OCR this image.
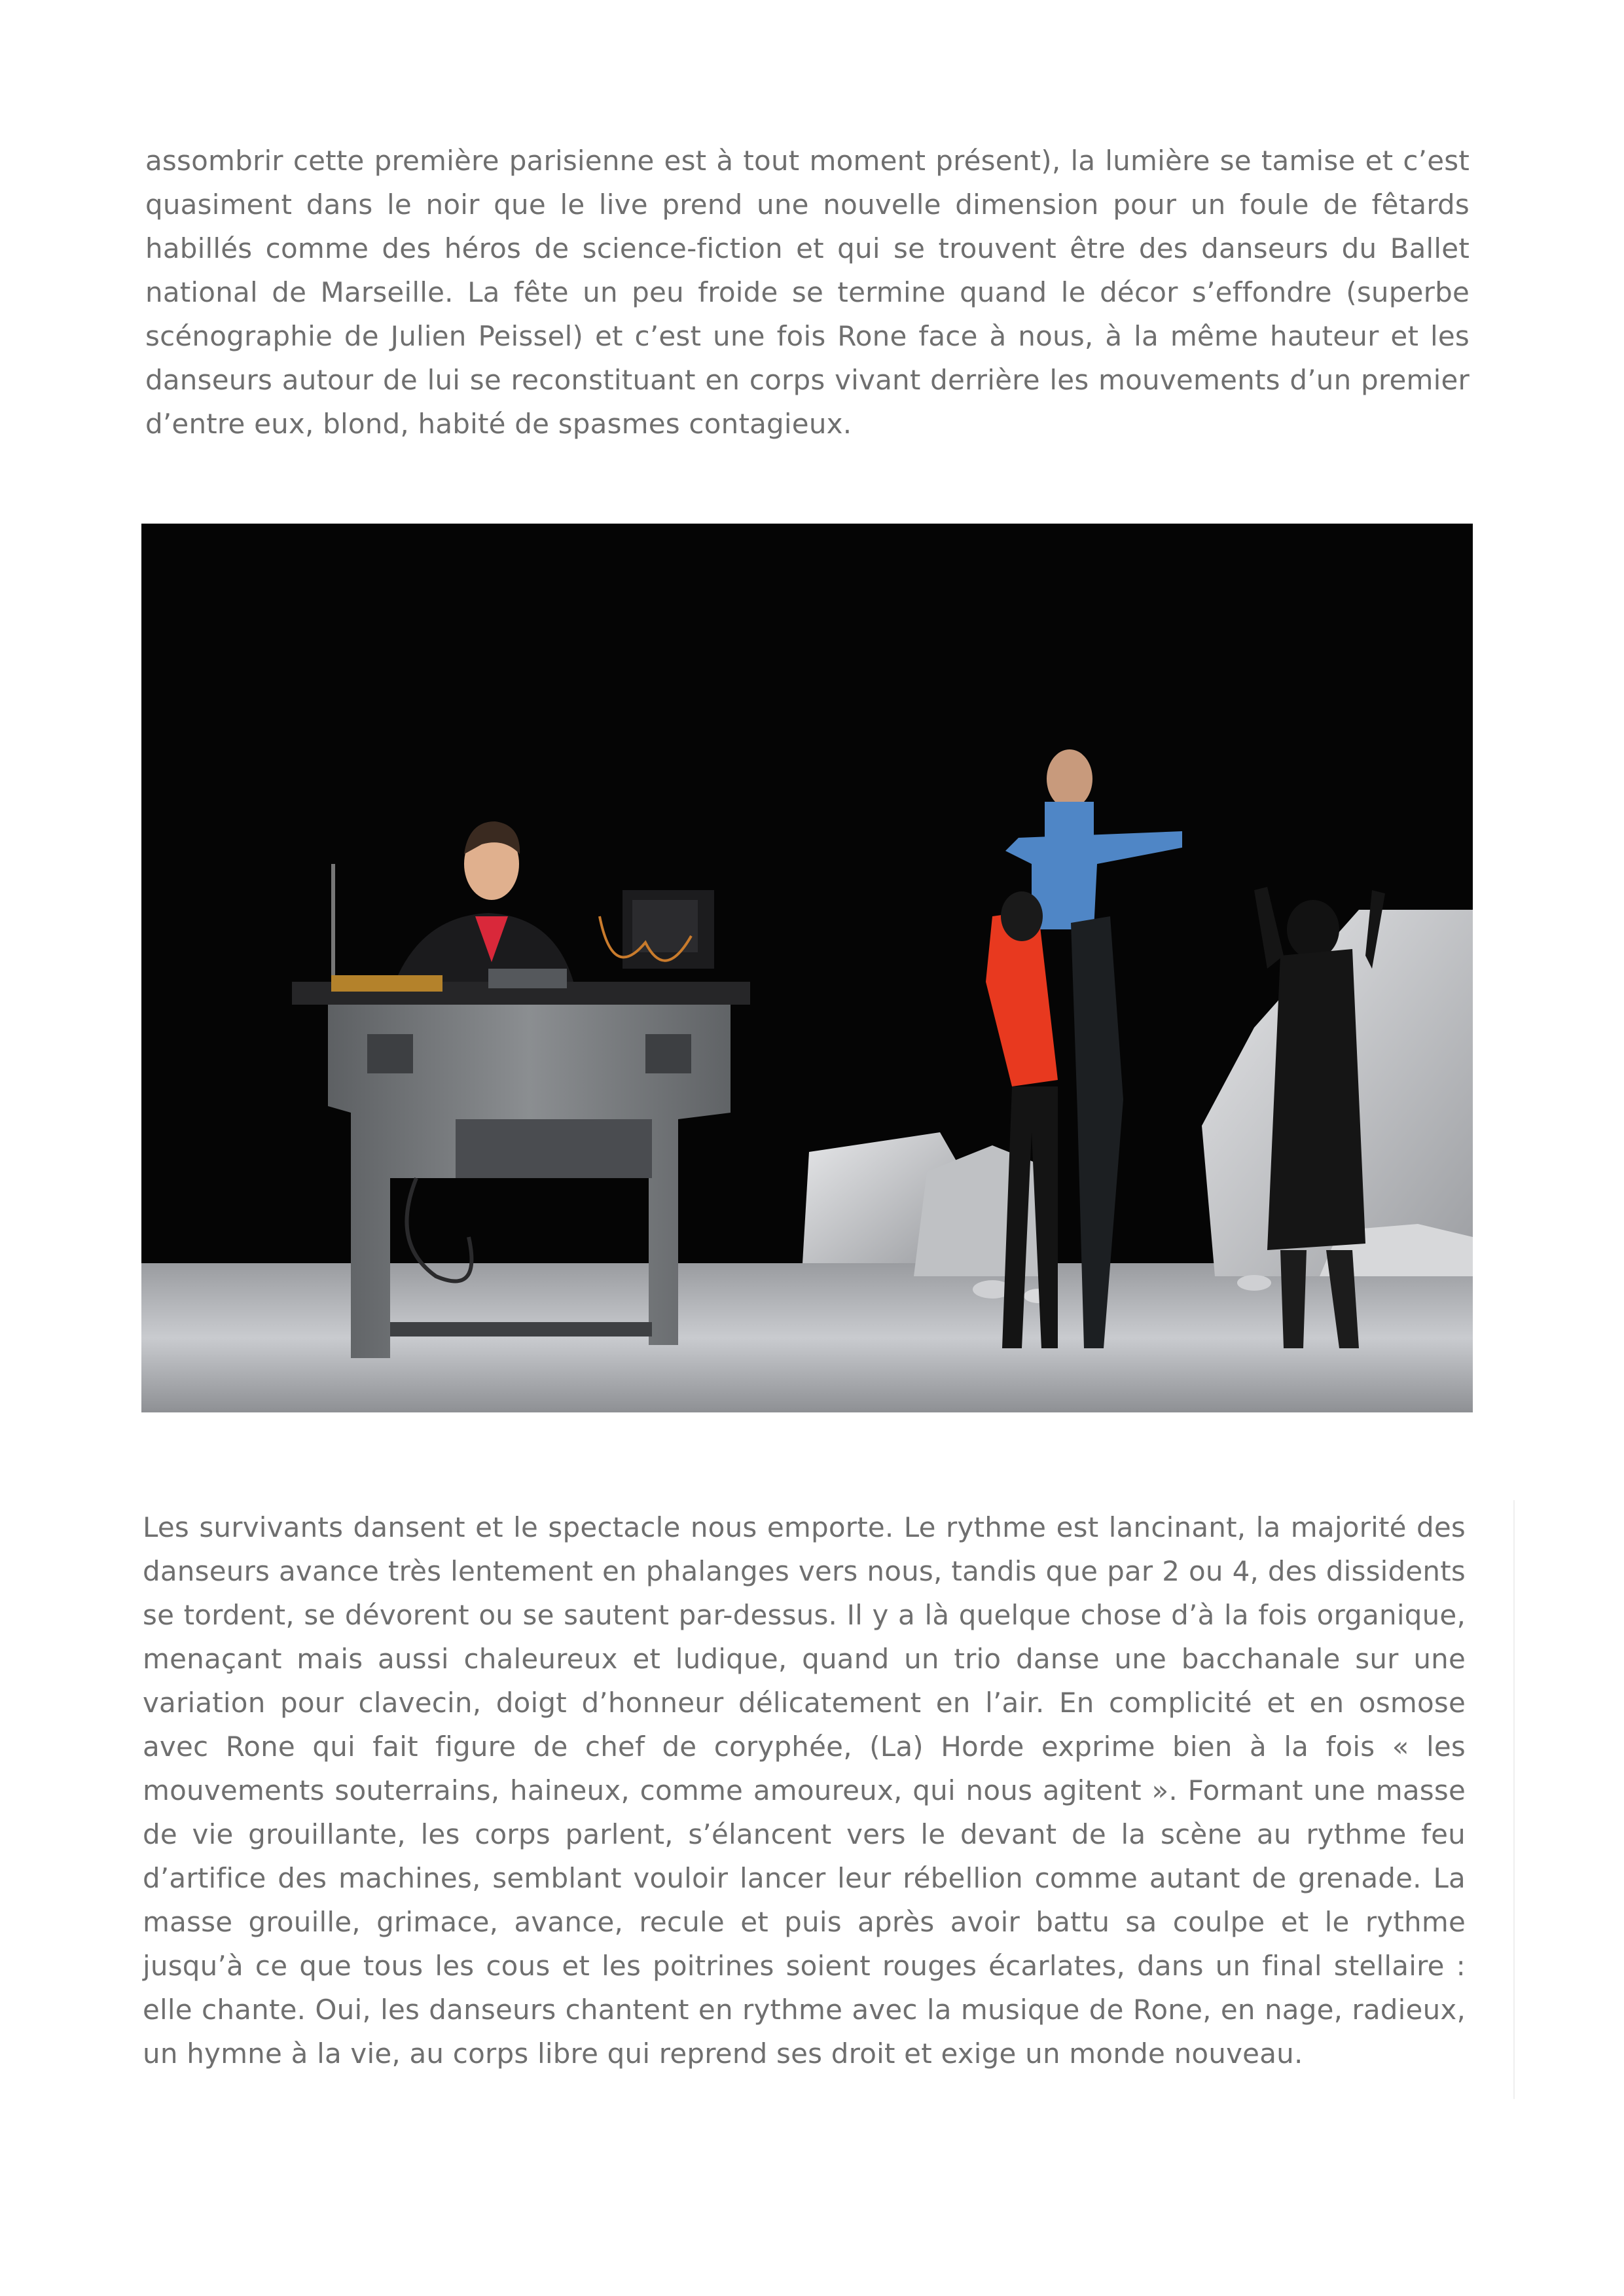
assombrir cette première parisienne est à tout moment présent), la lumière se tamise et c’est quasiment dans le noir que le live prend une nouvelle dimension pour un foule de fêtards habillés comme des héros de science-fiction et qui se trouvent être des danseurs du Ballet national de Marseille. La fête un peu froide se termine quand le décor s’effondre (superbe scénographie de Julien Peissel) et c’est une fois Rone face à nous, à la même hauteur et les danseurs autour de lui se reconstituant en corps vivant derrière les mouvements d’un premier d’entre eux, blond, habité de spasmes contagieux.

Les survivants dansent et le spectacle nous emporte. Le rythme est lancinant, la majorité des danseurs avance très lentement en phalanges vers nous, tandis que par 2 ou 4, des dissidents se tordent, se dévorent ou se sautent par-dessus. Il y a là quelque chose d’à la fois organique, menaçant mais aussi chaleureux et ludique, quand un trio danse une bacchanale sur une variation pour clavecin, doigt d’honneur délicatement en l’air. En complicité et en osmose avec Rone qui fait figure de chef de coryphée, (La) Horde exprime bien à la fois « les mouvements souterrains, haineux, comme amoureux, qui nous agitent ». Formant une masse de vie grouillante, les corps parlent, s’élancent vers le devant de la scène au rythme feu d’artifice des machines, semblant vouloir lancer leur rébellion comme autant de grenade. La masse grouille, grimace, avance, recule et puis après avoir battu sa coulpe et le rythme jusqu’à ce que tous les cous et les poitrines soient rouges écarlates, dans un final stellaire : elle chante. Oui, les danseurs chantent en rythme avec la musique de Rone, en nage, radieux, un hymne à la vie, au corps libre qui reprend ses droit et exige un monde nouveau.
